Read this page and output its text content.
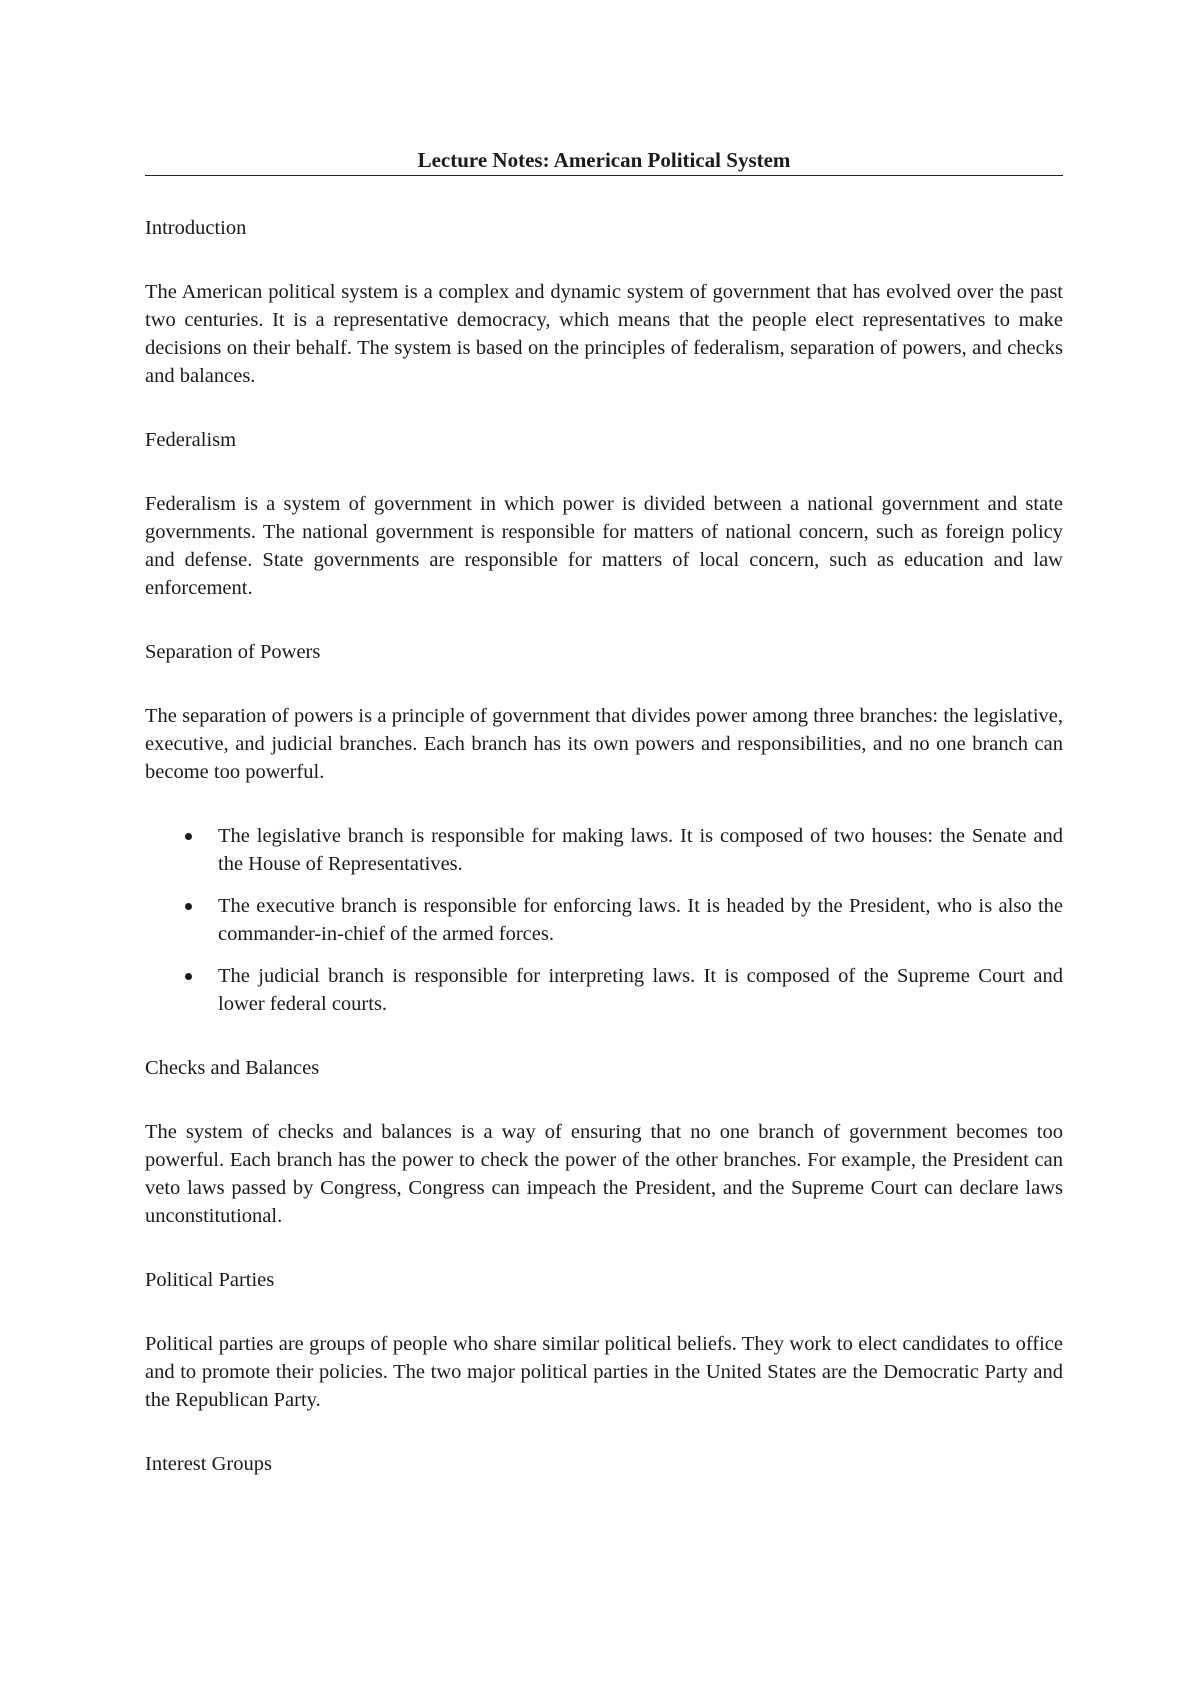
Lecture Notes: American Political System
Introduction
The American political system is a complex and dynamic system of government that has evolved over the past two centuries. It is a representative democracy, which means that the people elect representatives to make decisions on their behalf. The system is based on the principles of federalism, separation of powers, and checks and balances.
Federalism
Federalism is a system of government in which power is divided between a national government and state governments. The national government is responsible for matters of national concern, such as foreign policy and defense. State governments are responsible for matters of local concern, such as education and law enforcement.
Separation of Powers
The separation of powers is a principle of government that divides power among three branches: the legislative, executive, and judicial branches. Each branch has its own powers and responsibilities, and no one branch can become too powerful.
The legislative branch is responsible for making laws. It is composed of two houses: the Senate and the House of Representatives.
The executive branch is responsible for enforcing laws. It is headed by the President, who is also the commander-in-chief of the armed forces.
The judicial branch is responsible for interpreting laws. It is composed of the Supreme Court and lower federal courts.
Checks and Balances
The system of checks and balances is a way of ensuring that no one branch of government becomes too powerful. Each branch has the power to check the power of the other branches. For example, the President can veto laws passed by Congress, Congress can impeach the President, and the Supreme Court can declare laws unconstitutional.
Political Parties
Political parties are groups of people who share similar political beliefs. They work to elect candidates to office and to promote their policies. The two major political parties in the United States are the Democratic Party and the Republican Party.
Interest Groups
